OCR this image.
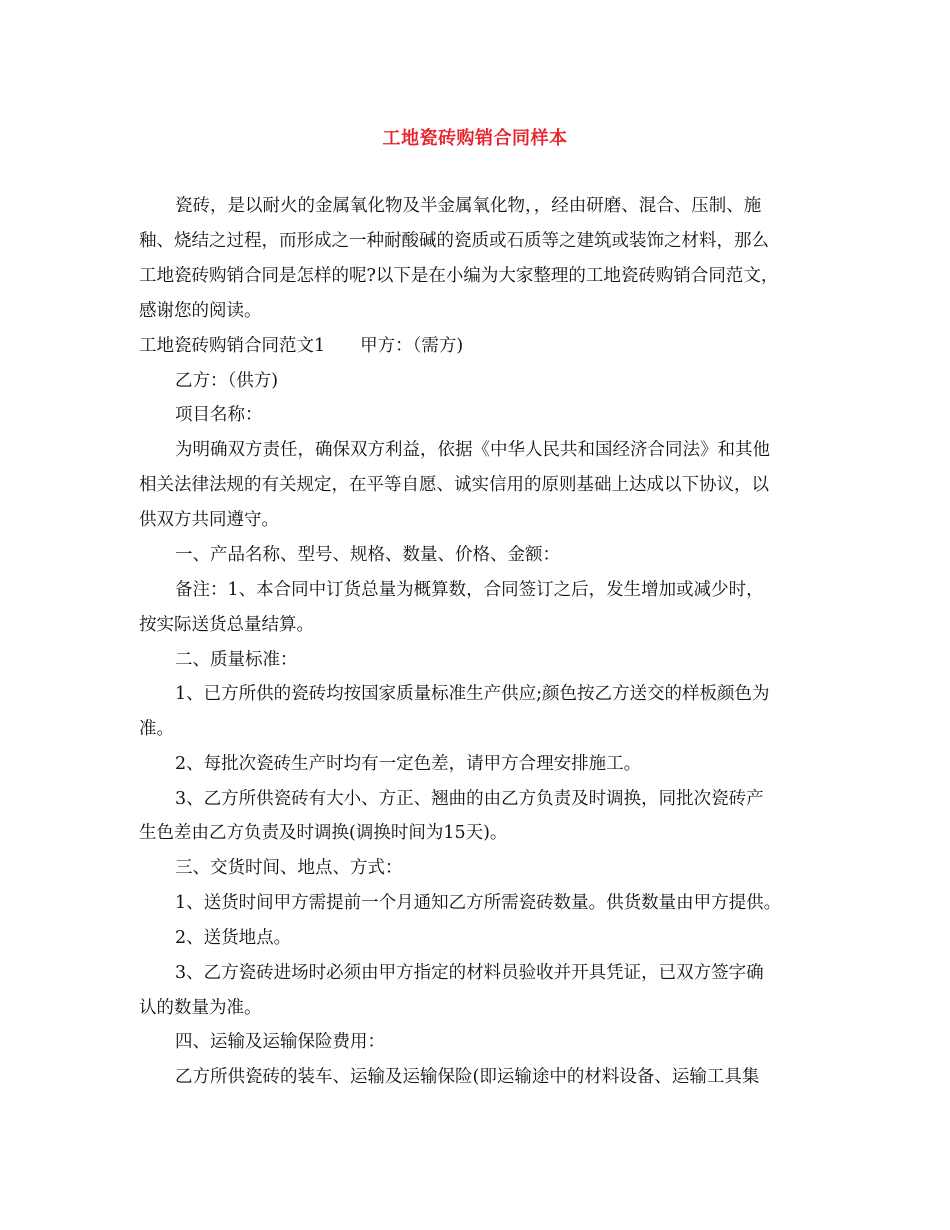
工地瓷砖购销合同样本
瓷砖，是以耐火的金属氧化物及半金属氧化物，，经由研磨、混合、压制、施
釉、烧结之过程，而形成之一种耐酸碱的瓷质或石质等之建筑或装饰之材料，那么
工地瓷砖购销合同是怎样的呢?以下是在小编为大家整理的工地瓷砖购销合同范文，
感谢您的阅读。
工地瓷砖购销合同范文1　　甲方：（需方)
乙方：（供方)
项目名称：
为明确双方责任，确保双方利益，依据《中华人民共和国经济合同法》和其他
相关法律法规的有关规定，在平等自愿、诚实信用的原则基础上达成以下协议，以
供双方共同遵守。
一、产品名称、型号、规格、数量、价格、金额：
备注：1、本合同中订货总量为概算数，合同签订之后，发生增加或减少时，
按实际送货总量结算。
二、质量标准：
1、已方所供的瓷砖均按国家质量标准生产供应;颜色按乙方送交的样板颜色为
准。
2、每批次瓷砖生产时均有一定色差，请甲方合理安排施工。
3、乙方所供瓷砖有大小、方正、翘曲的由乙方负责及时调换，同批次瓷砖产
生色差由乙方负责及时调换(调换时间为15天)。
三、交货时间、地点、方式：
1、送货时间甲方需提前一个月通知乙方所需瓷砖数量。供货数量由甲方提供。
2、送货地点。
3、乙方瓷砖进场时必须由甲方指定的材料员验收并开具凭证，已双方签字确
认的数量为准。
四、运输及运输保险费用：
乙方所供瓷砖的装车、运输及运输保险(即运输途中的材料设备、运输工具集
